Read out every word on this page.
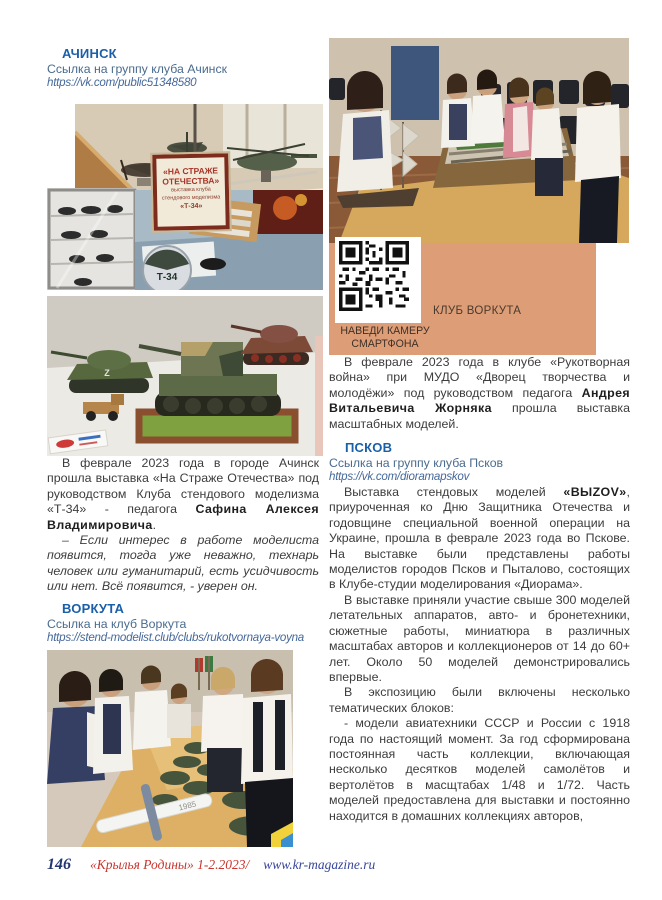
АЧИНСК

Ссылка на группу клуба Ачинск

https://vk.com/public51348580

Т-34
«НА СТРАЖЕ
ОТЕЧЕСТВА»
выставка клуба
стендового моделизма
«Т-34»
Z

В феврале 2023 года в городе Ачинск прошла выставка «На Страже Отечества» под руководством Клуба стендового моделизма «Т-34» - педагога Сафина Алексея Владимировича.

– Если интерес в работе моделиста появится, тогда уже неважно, технарь человек или гуманитарий, есть усидчивость или нет. Всё появится, - уверен он.

ВОРКУТА

Ссылка на клуб Воркута

https://stend-modelist.club/clubs/rukotvornaya-voyna

1985
КЛУБ ВОРКУТА
НАВЕДИ КАМЕРУ
СМАРТФОНА

В феврале 2023 года в клубе «Рукотворная война» при МУДО «Дворец творчества и молодёжи» под руководством педагога Андрея Витальевича Жорняка прошла выставка масштабных моделей.

ПСКОВ

Ссылка на группу клуба Псков

https://vk.com/dioramapskov

Выставка стендовых моделей «ВЫZOV», приуроченная ко Дню Защитника Отечества и годовщине специальной военной операции на Украине, прошла в феврале 2023 года во Пскове. На выставке были представлены работы моделистов городов Псков и Пыталово, состоящих в Клубе-студии моделирования «Диорама».

В выставке приняли участие свыше 300 моделей летательных аппаратов, авто- и бронетехники, сюжетные работы, миниатюра в различных масштабах авторов и коллекционеров от 14 до 60+ лет. Около 50 моделей демонстрировались впервые.

В экспозицию были включены несколько тематических блоков:

- модели авиатехники СССР и России с 1918 года по настоящий момент. За год сформирована постоянная часть коллекции, включающая несколько десятков моделей самолётов и вертолётов в масщтабах 1/48 и 1/72. Часть моделей предоставлена для выставки и постоянно находится в домашних коллекциях авторов,

146 «Крылья Родины» 1-2.2023/ www.kr-magazine.ru
